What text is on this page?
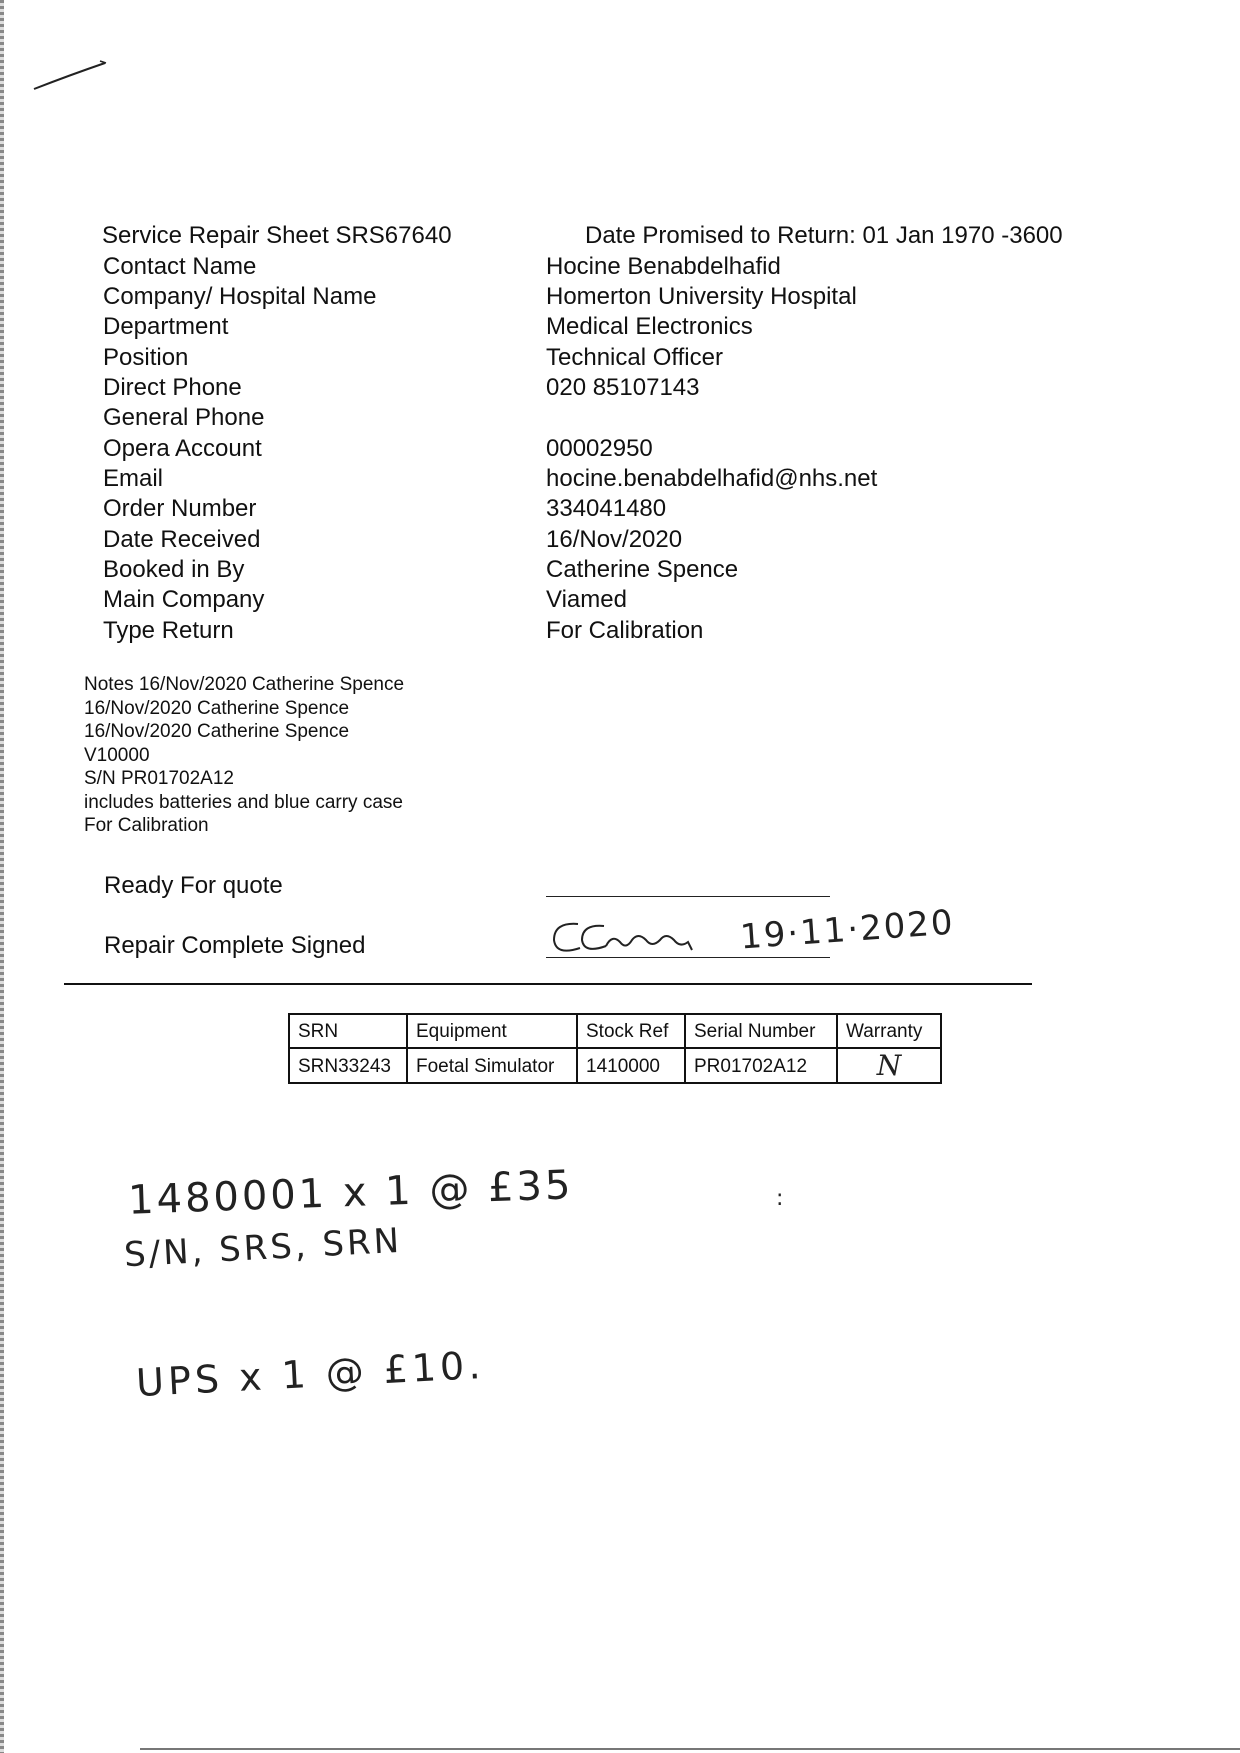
Service Repair Sheet SRS67640	Date Promised to Return: 01 Jan 1970 -3600
Contact Name	Hocine Benabdelhafid
Company/ Hospital Name	Homerton University Hospital
Department	Medical Electronics
Position	Technical Officer
Direct Phone	020 85107143
General Phone
Opera Account	00002950
Email	hocine.benabdelhafid@nhs.net
Order Number	334041480
Date Received	16/Nov/2020
Booked in By	Catherine Spence
Main Company	Viamed
Type Return	For Calibration
Notes 16/Nov/2020 Catherine Spence
16/Nov/2020 Catherine Spence
16/Nov/2020 Catherine Spence
V10000
S/N PR01702A12
includes batteries and blue carry case
For Calibration
Ready For quote
Repair Complete Signed	19·11·2020
SRN	Equipment	Stock Ref	Serial Number	Warranty
SRN33243	Foetal Simulator	1410000	PR01702A12	N
1480001 x 1 @ £35
S/N, SRS, SRN
UPS x 1 @ £10.
:
